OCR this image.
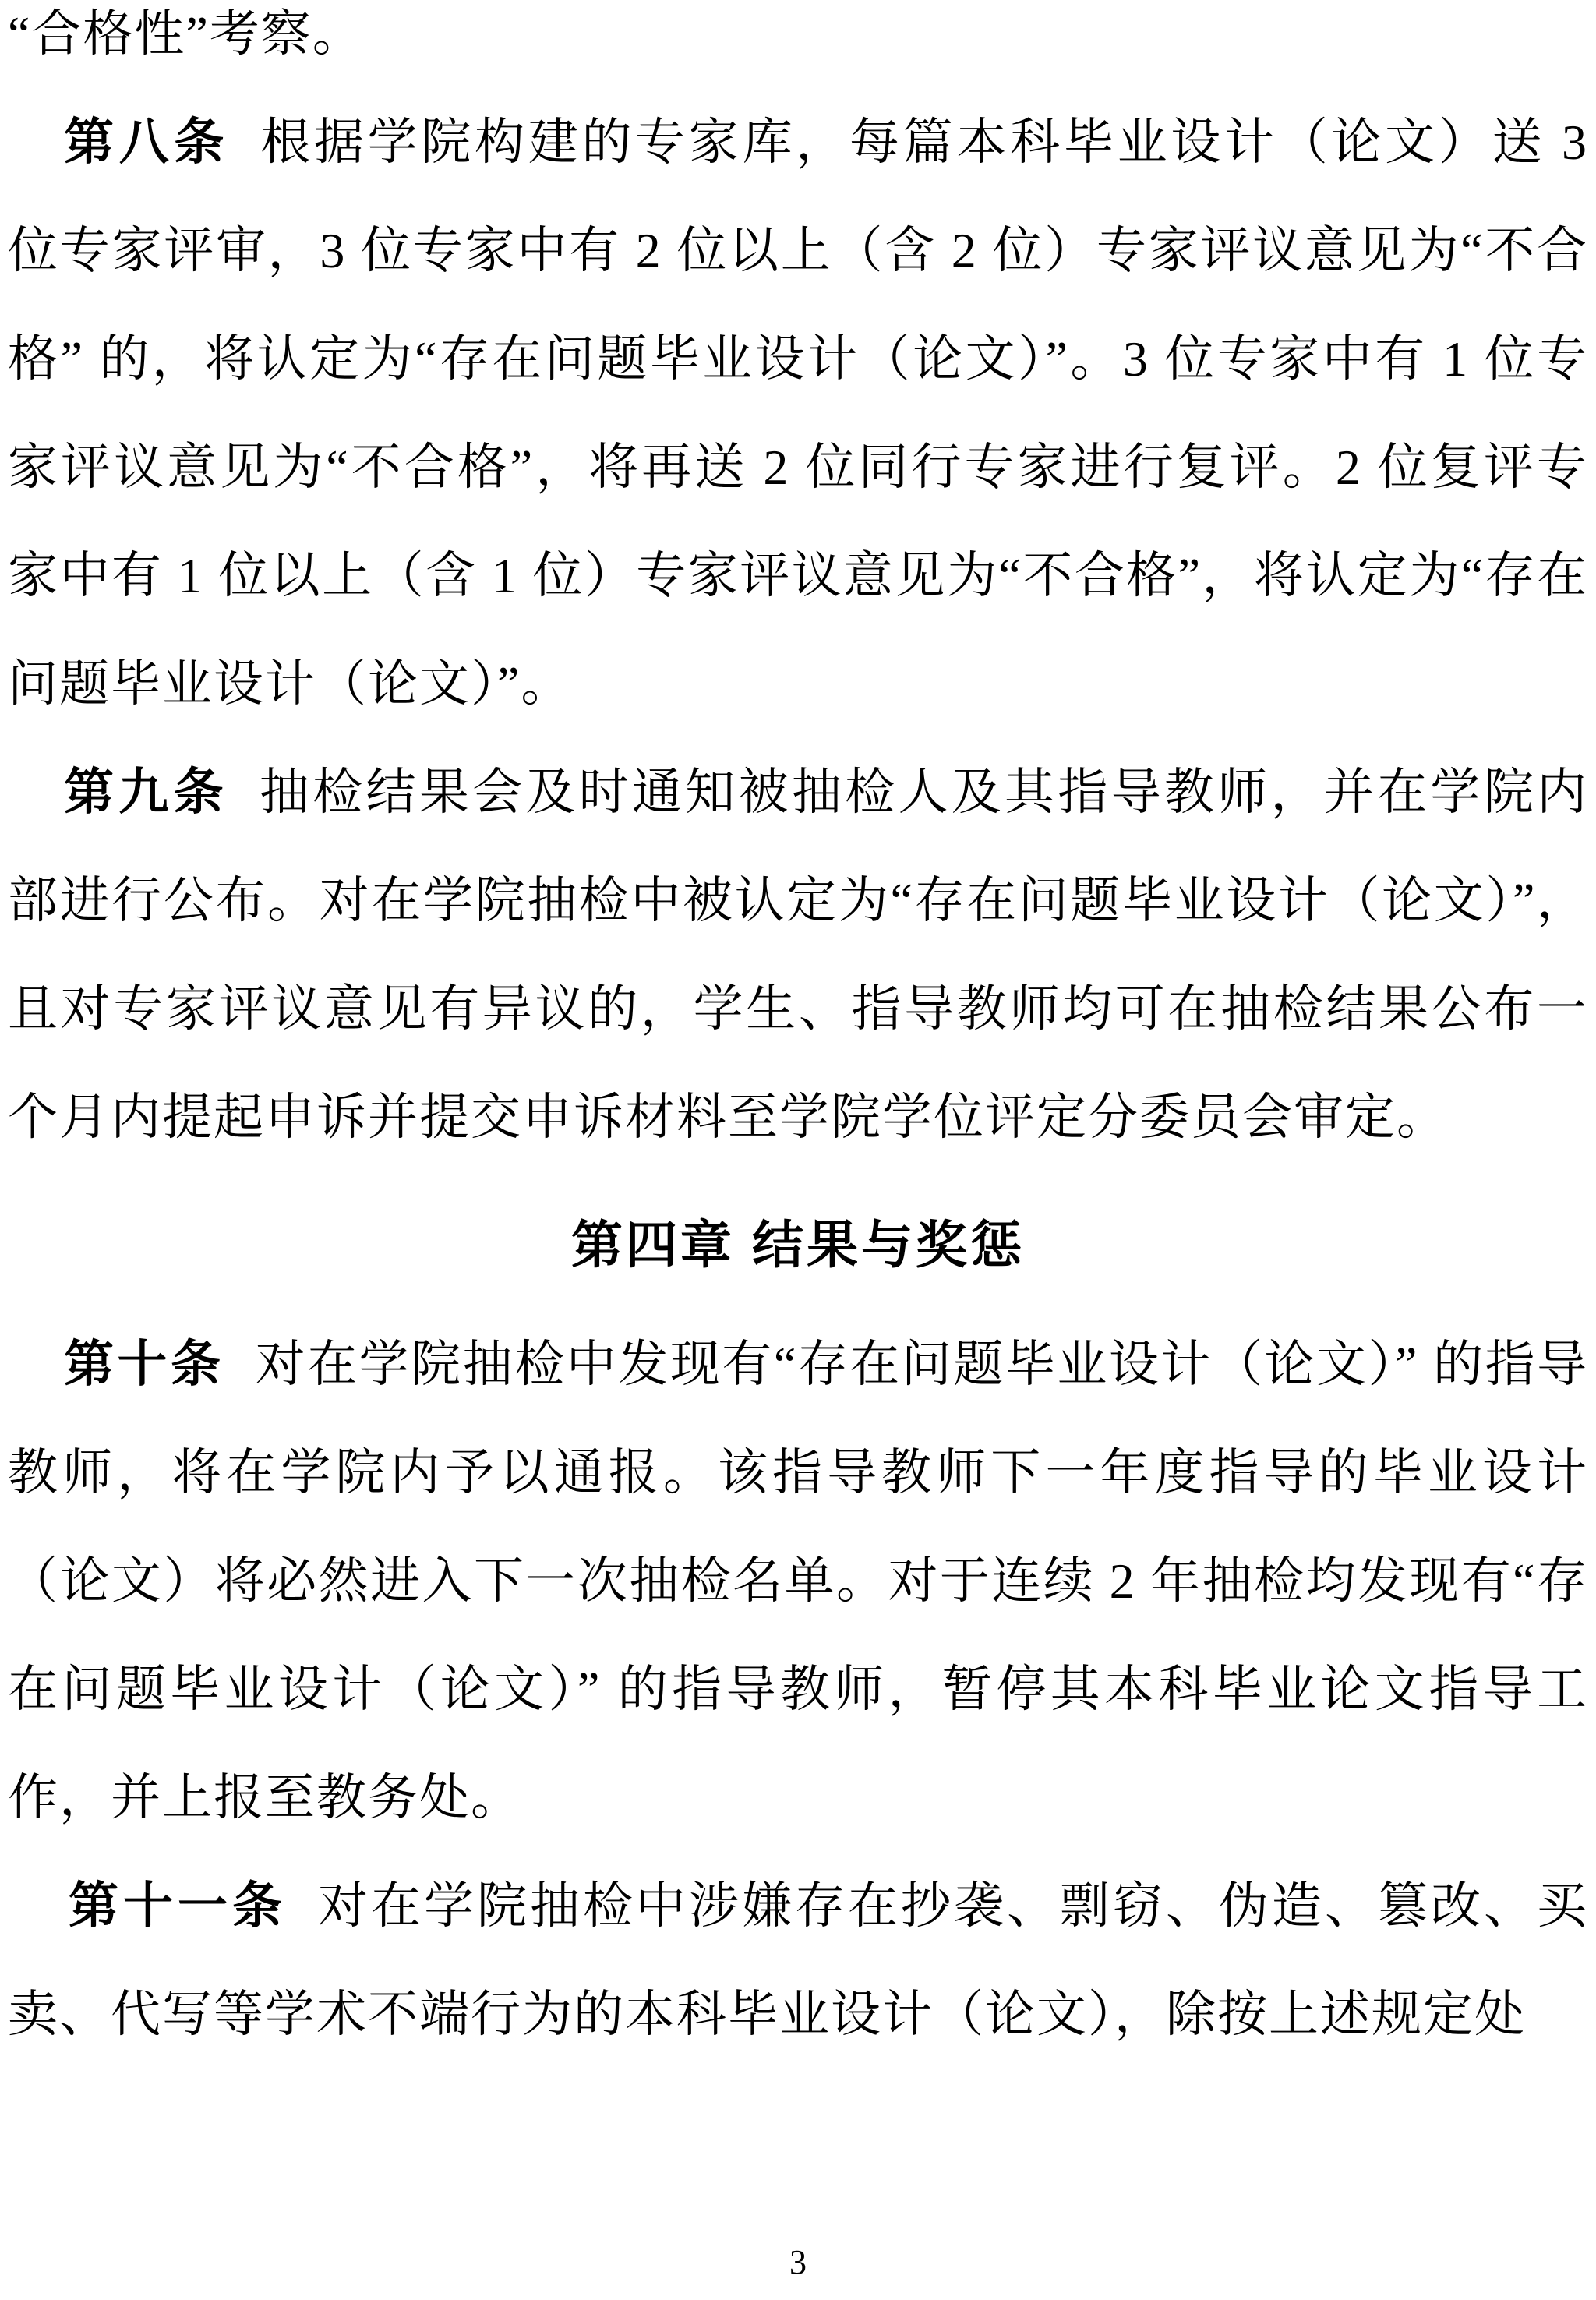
“合格性”考察。

第八条 根据学院构建的专家库，每篇本科毕业设计（论文）送 3 位专家评审，3 位专家中有 2 位以上（含 2 位）专家评议意见为“不合格” 的，将认定为“存在问题毕业设计（论文）”。3 位专家中有 1 位专家评议意见为“不合格”，将再送 2 位同行专家进行复评。2 位复评专家中有 1 位以上（含 1 位）专家评议意见为“不合格”，将认定为“存在问题毕业设计（论文）”。

第九条 抽检结果会及时通知被抽检人及其指导教师，并在学院内部进行公布。对在学院抽检中被认定为“存在问题毕业设计（论文）”，且对专家评议意见有异议的，学生、指导教师均可在抽检结果公布一个月内提起申诉并提交申诉材料至学院学位评定分委员会审定。

第四章 结果与奖惩

第十条 对在学院抽检中发现有“存在问题毕业设计（论文）” 的指导教师，将在学院内予以通报。该指导教师下一年度指导的毕业设计（论文）将必然进入下一次抽检名单。对于连续 2 年抽检均发现有“存在问题毕业设计（论文）” 的指导教师，暂停其本科毕业论文指导工作，并上报至教务处。

第十一条 对在学院抽检中涉嫌存在抄袭、剽窃、伪造、篡改、买卖、代写等学术不端行为的本科毕业设计（论文），除按上述规定处

3
